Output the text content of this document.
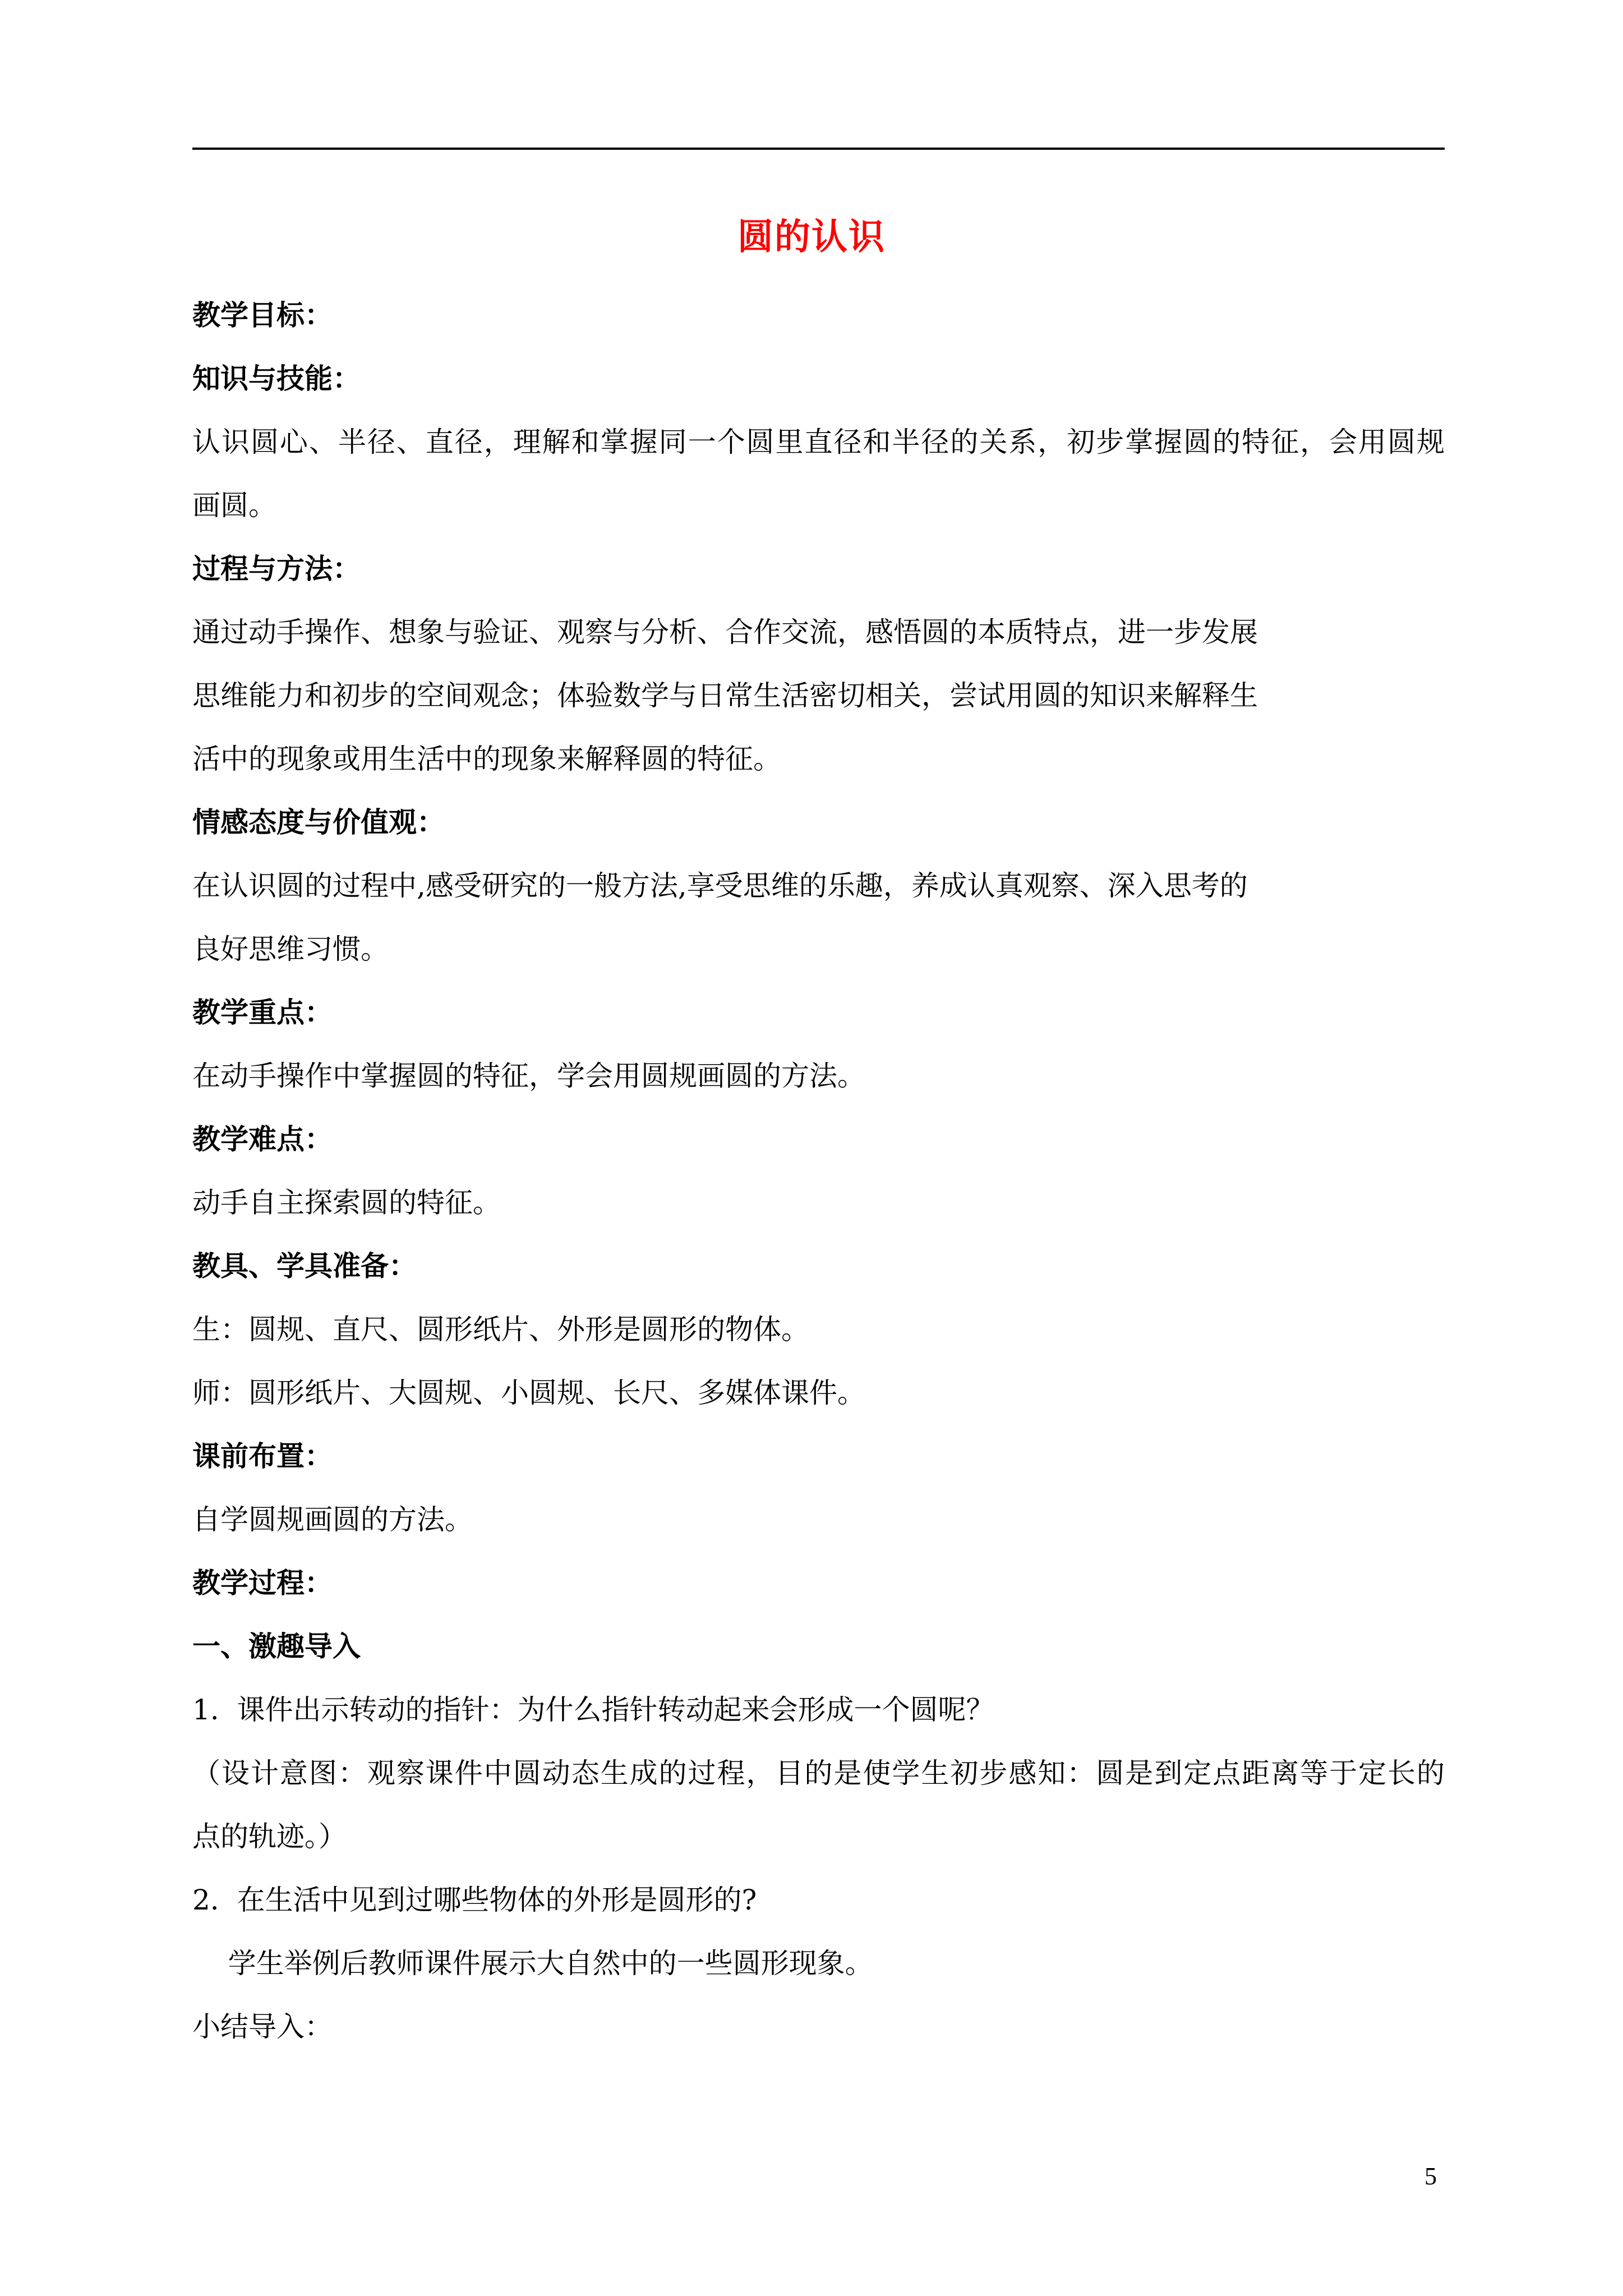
圆的认识
教学目标：
知识与技能：
认识圆心、半径、直径，理解和掌握同一个圆里直径和半径的关系，初步掌握圆的特征，会用圆规
画圆。
过程与方法：
通过动手操作、想象与验证、观察与分析、合作交流，感悟圆的本质特点，进一步发展
思维能力和初步的空间观念；体验数学与日常生活密切相关，尝试用圆的知识来解释生
活中的现象或用生活中的现象来解释圆的特征。
情感态度与价值观：
在认识圆的过程中,感受研究的一般方法,享受思维的乐趣，养成认真观察、深入思考的
良好思维习惯。
教学重点：
在动手操作中掌握圆的特征，学会用圆规画圆的方法。
教学难点：
动手自主探索圆的特征。
教具、学具准备：
生：圆规、直尺、圆形纸片、外形是圆形的物体。
师：圆形纸片、大圆规、小圆规、长尺、多媒体课件。
课前布置：
自学圆规画圆的方法。
教学过程：
一、激趣导入
1.  课件出示转动的指针：为什么指针转动起来会形成一个圆呢？
（设计意图：观察课件中圆动态生成的过程，目的是使学生初步感知：圆是到定点距离等于定长的
点的轨迹。）
2.  在生活中见到过哪些物体的外形是圆形的?
学生举例后教师课件展示大自然中的一些圆形现象。
小结导入：
5
